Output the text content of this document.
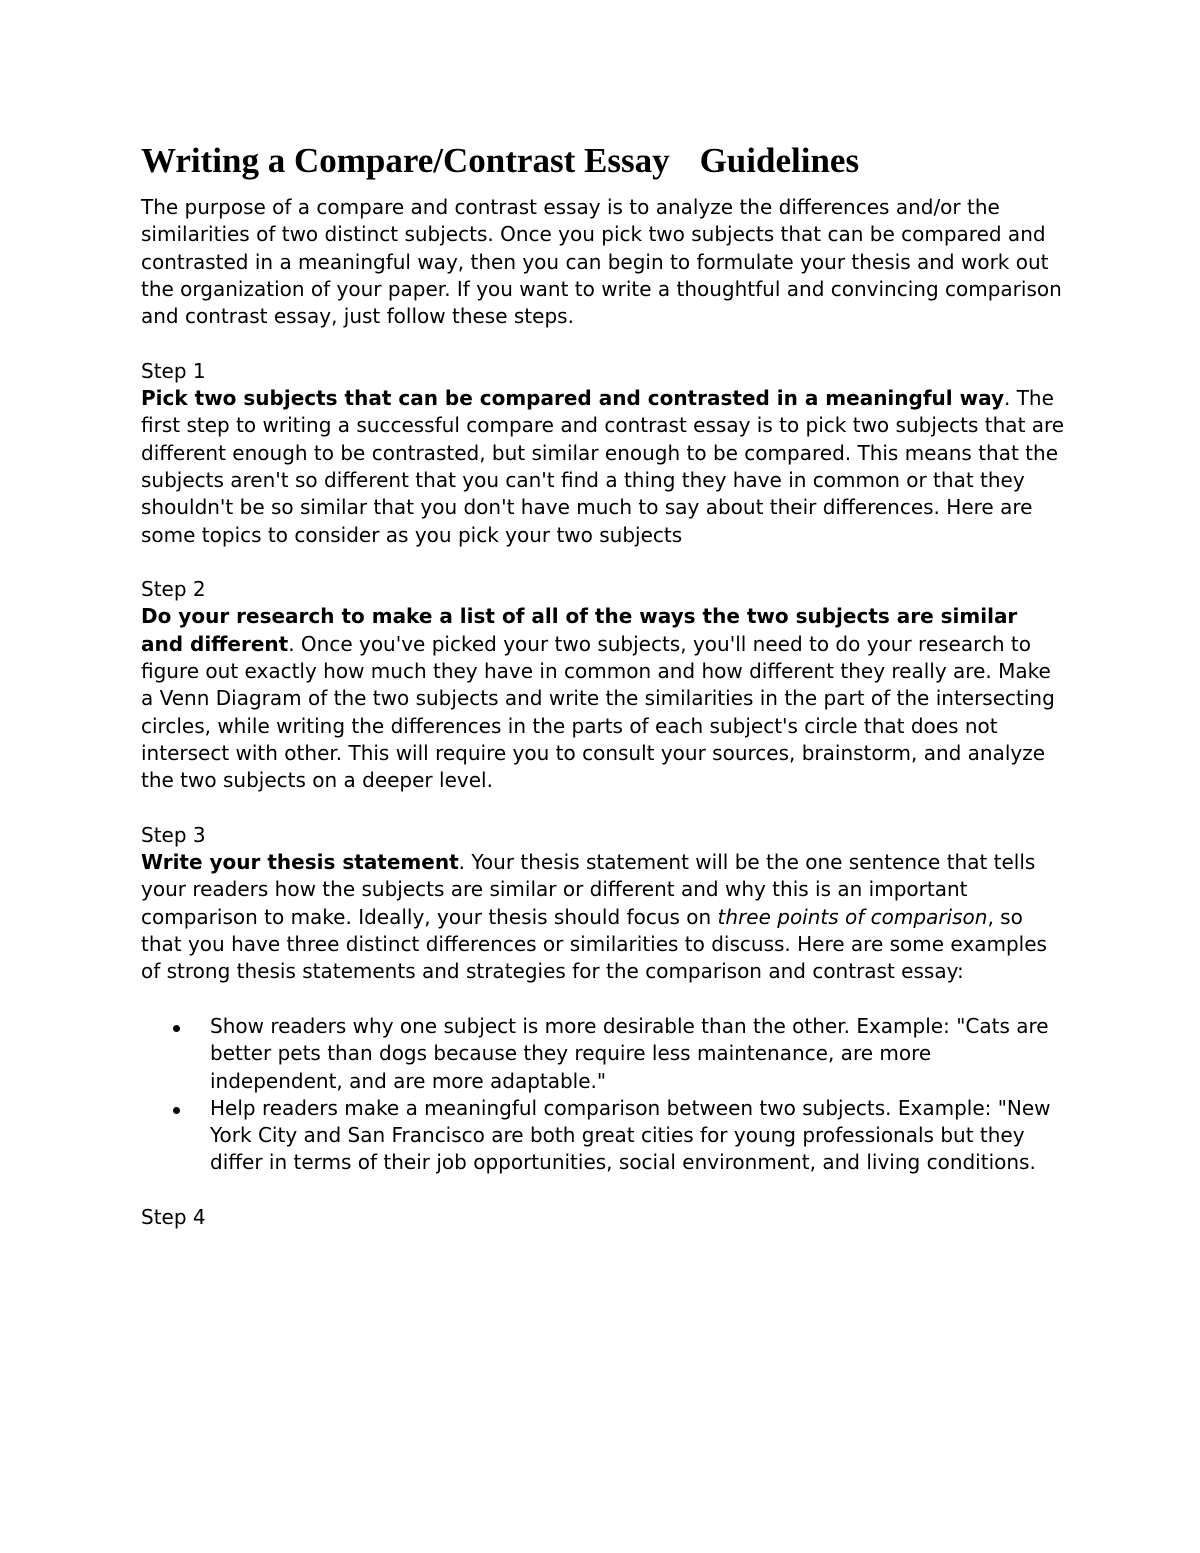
Writing a Compare/Contrast Essay Guidelines

The purpose of a compare and contrast essay is to analyze the differences and/or the similarities of two distinct subjects. Once you pick two subjects that can be compared and contrasted in a meaningful way, then you can begin to formulate your thesis and work out the organization of your paper. If you want to write a thoughtful and convincing comparison and contrast essay, just follow these steps.

Step 1

Pick two subjects that can be compared and contrasted in a meaningful way. The first step to writing a successful compare and contrast essay is to pick two subjects that are different enough to be contrasted, but similar enough to be compared. This means that the subjects aren't so different that you can't find a thing they have in common or that they shouldn't be so similar that you don't have much to say about their differences. Here are some topics to consider as you pick your two subjects

Step 2

Do your research to make a list of all of the ways the two subjects are similar and different. Once you've picked your two subjects, you'll need to do your research to figure out exactly how much they have in common and how different they really are. Make a Venn Diagram of the two subjects and write the similarities in the part of the intersecting circles, while writing the differences in the parts of each subject's circle that does not intersect with other. This will require you to consult your sources, brainstorm, and analyze the two subjects on a deeper level.

Step 3

Write your thesis statement. Your thesis statement will be the one sentence that tells your readers how the subjects are similar or different and why this is an important comparison to make. Ideally, your thesis should focus on three points of comparison, so that you have three distinct differences or similarities to discuss. Here are some examples of strong thesis statements and strategies for the comparison and contrast essay:

Show readers why one subject is more desirable than the other. Example: "Cats are better pets than dogs because they require less maintenance, are more independent, and are more adaptable."
Help readers make a meaningful comparison between two subjects. Example: "New York City and San Francisco are both great cities for young professionals but they differ in terms of their job opportunities, social environment, and living conditions.

Step 4
